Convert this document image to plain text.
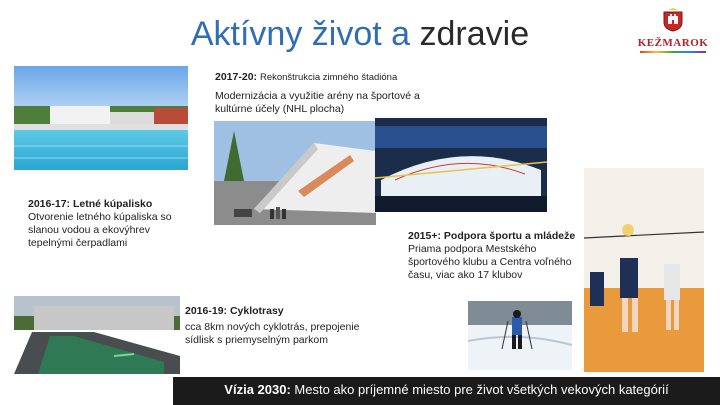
Aktívny život a zdravie	KEŽMAROK
2017-20: Rekonštrukcia zimného štadióna
Modernizácia a využitie arény na športové a kultúrne účely (NHL plocha)
2016-17: Letné kúpalisko
Otvorenie letného kúpaliska so slanou vodou a ekovýhrev tepelnými čerpadlami
2015+: Podpora športu a mládeže
Priama podpora Mestského športového klubu a Centra voľného času, viac ako 17 klubov
2016-19: Cyklotrasy
cca 8km nových cyklotrás, prepojenie sídlisk s priemyselným parkom
Vízia 2030: Mesto ako príjemné miesto pre život všetkých vekových kategórií
